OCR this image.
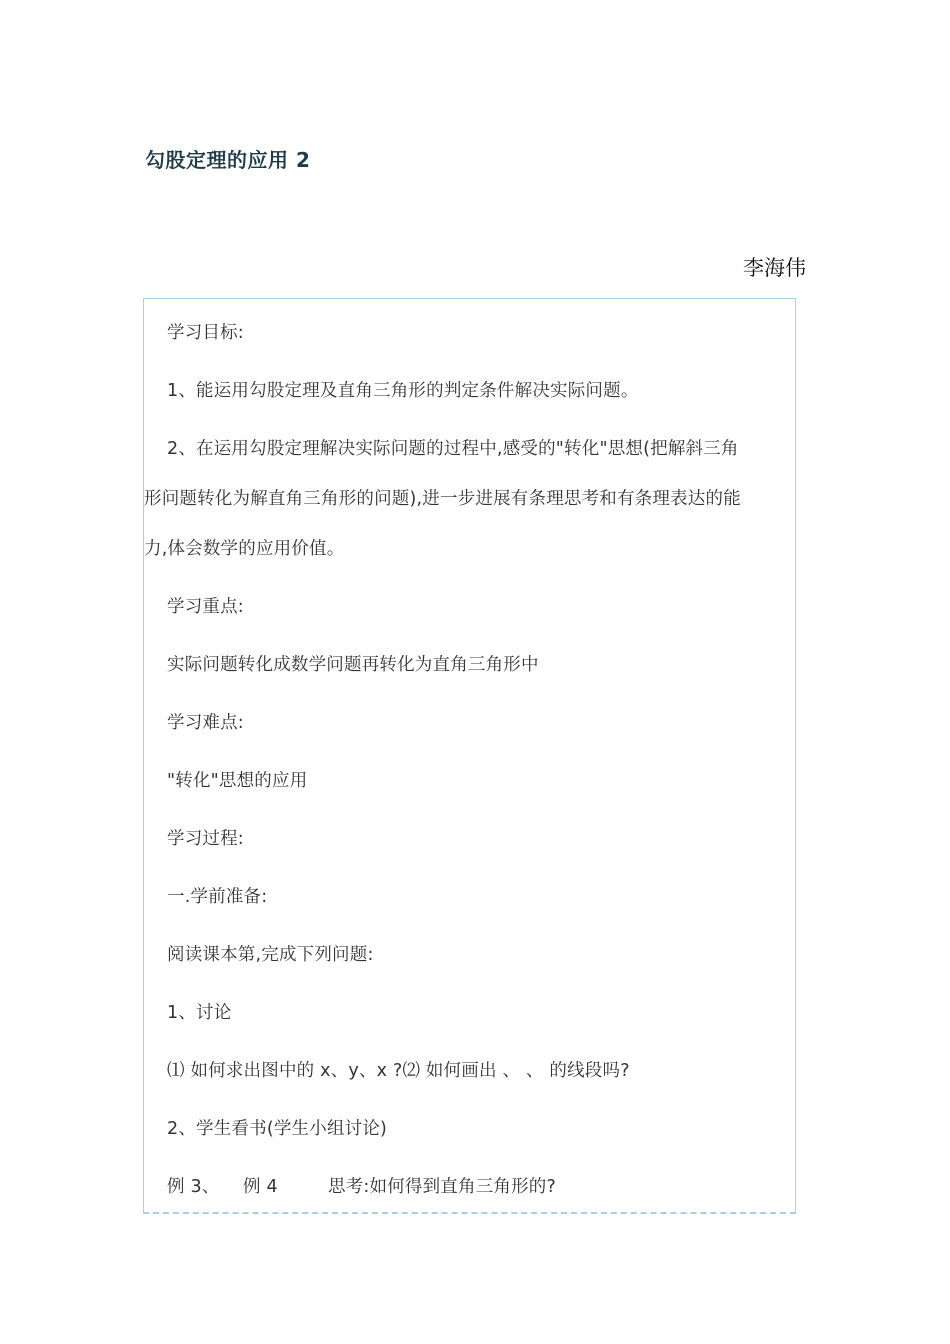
勾股定理的应用 2
李海伟
学习目标:
1、能运用勾股定理及直角三角形的判定条件解决实际问题。
2、在运用勾股定理解决实际问题的过程中,感受的"转化"思想(把解斜三角
形问题转化为解直角三角形的问题),进一步进展有条理思考和有条理表达的能
力,体会数学的应用价值。
学习重点:
实际问题转化成数学问题再转化为直角三角形中
学习难点:
"转化"思想的应用
学习过程:
一.学前准备:
阅读课本第,完成下列问题:
1、讨论
⑴ 如何求出图中的 x、y、x ?⑵ 如何画出 、 、 的线段吗?
2、学生看书(学生小组讨论)
例 3、 例 4	思考:如何得到直角三角形的?
